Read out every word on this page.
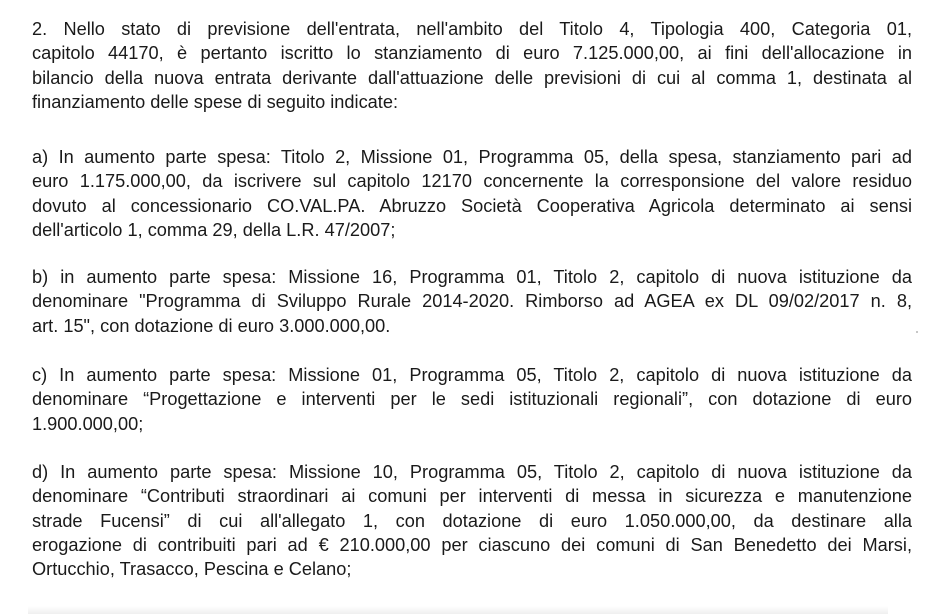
2. Nello stato di previsione dell'entrata, nell'ambito del Titolo 4, Tipologia 400, Categoria 01,
capitolo 44170, è pertanto iscritto lo stanziamento di euro 7.125.000,00, ai fini dell'allocazione in
bilancio della nuova entrata derivante dall'attuazione delle previsioni di cui al comma 1, destinata al
finanziamento delle spese di seguito indicate:

a) In aumento parte spesa: Titolo 2, Missione 01, Programma 05, della spesa, stanziamento pari ad
euro 1.175.000,00, da iscrivere sul capitolo 12170 concernente la corresponsione del valore residuo
dovuto al concessionario CO.VAL.PA. Abruzzo Società Cooperativa Agricola determinato ai sensi
dell'articolo 1, comma 29, della L.R. 47/2007;

b) in aumento parte spesa: Missione 16, Programma 01, Titolo 2, capitolo di nuova istituzione da
denominare "Programma di Sviluppo Rurale 2014-2020. Rimborso ad AGEA ex DL 09/02/2017 n. 8,
art. 15", con dotazione di euro 3.000.000,00.

c) In aumento parte spesa: Missione 01, Programma 05, Titolo 2, capitolo di nuova istituzione da
denominare “Progettazione e interventi per le sedi istituzionali regionali”, con dotazione di euro
1.900.000,00;

d) In aumento parte spesa: Missione 10, Programma 05, Titolo 2, capitolo di nuova istituzione da
denominare “Contributi straordinari ai comuni per interventi di messa in sicurezza e manutenzione
strade Fucensi” di cui all'allegato 1, con dotazione di euro 1.050.000,00, da destinare alla
erogazione di contribuiti pari ad € 210.000,00 per ciascuno dei comuni di San Benedetto dei Marsi,
Ortucchio, Trasacco, Pescina e Celano;
